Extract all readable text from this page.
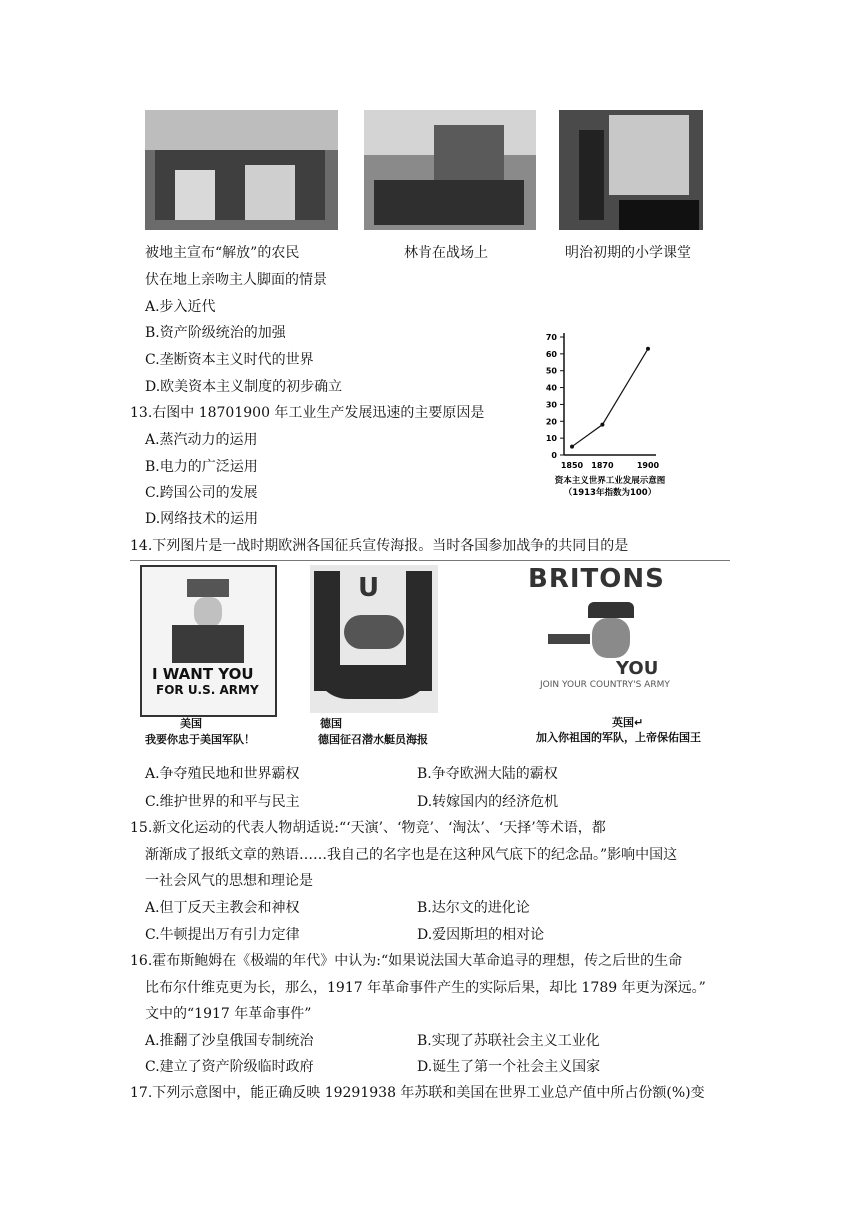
被地主宣布“解放”的农民
伏在地上亲吻主人脚面的情景
林肯在战场上	明治初期的小学课堂
A.步入近代
B.资产阶级统治的加强
C.垄断资本主义时代的世界
D.欧美资本主义制度的初步确立
13.右图中 18701900 年工业生产发展迅速的主要原因是
A.蒸汽动力的运用
B.电力的广泛运用
C.跨国公司的发展
D.网络技术的运用
0
10
20
30
40
50
60
70
1850 1870	1900
资本主义世界工业发展示意图
（1913年指数为100）
14.下列图片是一战时期欧洲各国征兵宣传海报。当时各国参加战争的共同目的是
I WANT YOU
FOR U.S. ARMY
美国
我要你忠于美国军队！
U
德国
德国征召潜水艇员海报
BRITONS
YOU
JOIN YOUR COUNTRY'S ARMY
英国↵
加入你祖国的军队，上帝保佑国王
A.争夺殖民地和世界霸权	B.争夺欧洲大陆的霸权
C.维护世界的和平与民主	D.转嫁国内的经济危机
15.新文化运动的代表人物胡适说:“‘天演’、‘物竞’、‘淘汰’、‘天择’等术语，都
渐渐成了报纸文章的熟语……我自己的名字也是在这种风气底下的纪念品。”影响中国这
一社会风气的思想和理论是
A.但丁反天主教会和神权	B.达尔文的进化论
C.牛顿提出万有引力定律	D.爱因斯坦的相对论
16.霍布斯鲍姆在《极端的年代》中认为:“如果说法国大革命追寻的理想，传之后世的生命
比布尔什维克更为长，那么，1917 年革命事件产生的实际后果，却比 1789 年更为深远。”
文中的“1917 年革命事件”
A.推翻了沙皇俄国专制统治	B.实现了苏联社会主义工业化
C.建立了资产阶级临时政府	D.诞生了第一个社会主义国家
17.下列示意图中，能正确反映 19291938 年苏联和美国在世界工业总产值中所占份额(%)变
